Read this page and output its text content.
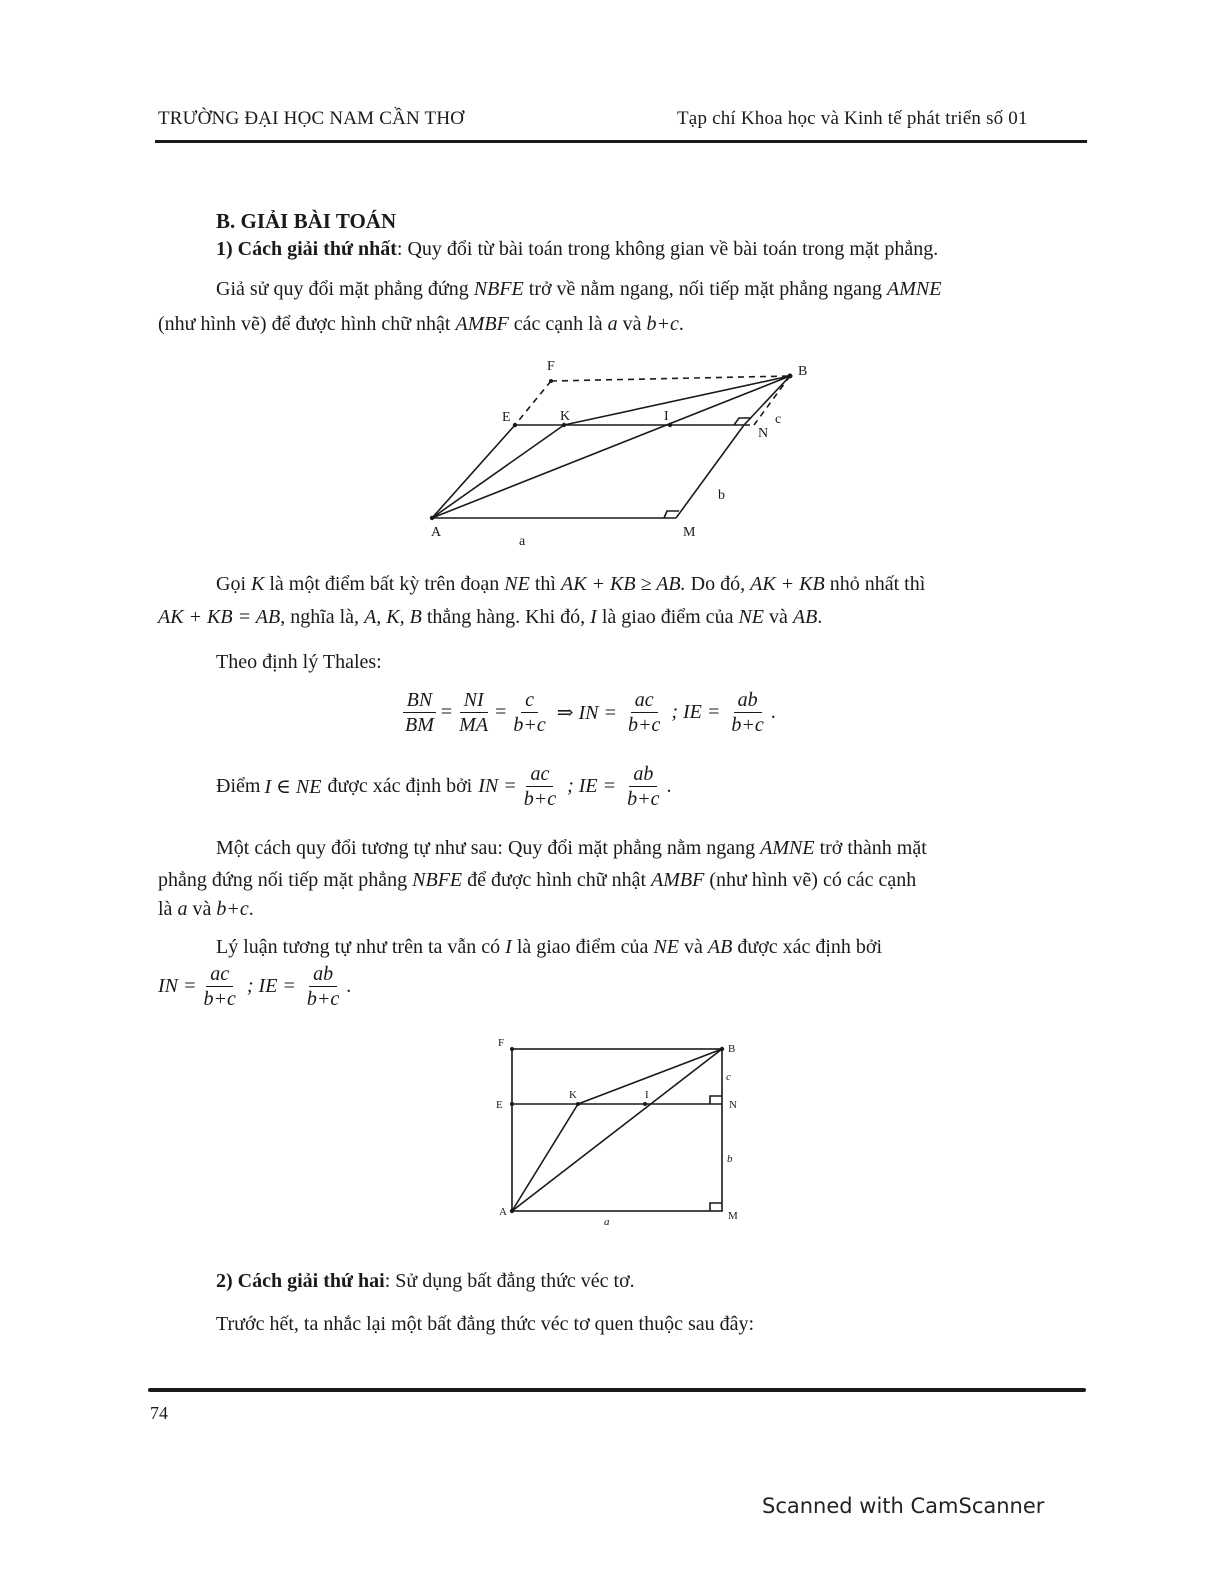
TRƯỜNG ĐẠI HỌC NAM CẦN THƠ	Tạp chí Khoa học và Kinh tế phát triển số 01
B. GIẢI BÀI TOÁN
1) Cách giải thứ nhất: Quy đổi từ bài toán trong không gian về bài toán trong mặt phẳng.
Giả sử quy đổi mặt phẳng đứng NBFE trở về nằm ngang, nối tiếp mặt phẳng ngang AMNE
(như hình vẽ) để được hình chữ nhật AMBF các cạnh là a và b+c.
F	B
E	K	I
N
c
b
A	M
a
F	B
c
E
K	I
N
b
A	M
a
Gọi K là một điểm bất kỳ trên đoạn NE thì AK + KB ≥ AB. Do đó, AK + KB nhỏ nhất thì
AK + KB = AB, nghĩa là, A, K, B thẳng hàng. Khi đó, I là giao điểm của NE và AB.
Theo định lý Thales:
$\frac{BN}{BM} = \frac{NI}{MA} = \frac{c}{b+c}$ ⇒ IN = $\frac{ac}{b+c}$ ; IE = $\frac{ab}{b+c}$ .
Điểm I ∈ NE được xác định bởi IN = $\frac{ac}{b+c}$ ; IE = $\frac{ab}{b+c}$ .
Một cách quy đổi tương tự như sau: Quy đổi mặt phẳng nằm ngang AMNE trở thành mặt
phẳng đứng nối tiếp mặt phẳng NBFE để được hình chữ nhật AMBF (như hình vẽ) có các cạnh
là a và b+c.
Lý luận tương tự như trên ta vẫn có I là giao điểm của NE và AB được xác định bởi
IN = $\frac{ac}{b+c}$ ; IE = $\frac{ab}{b+c}$ .
2) Cách giải thứ hai: Sử dụng bất đẳng thức véc tơ.
Trước hết, ta nhắc lại một bất đẳng thức véc tơ quen thuộc sau đây:
74
Scanned with CamScanner
